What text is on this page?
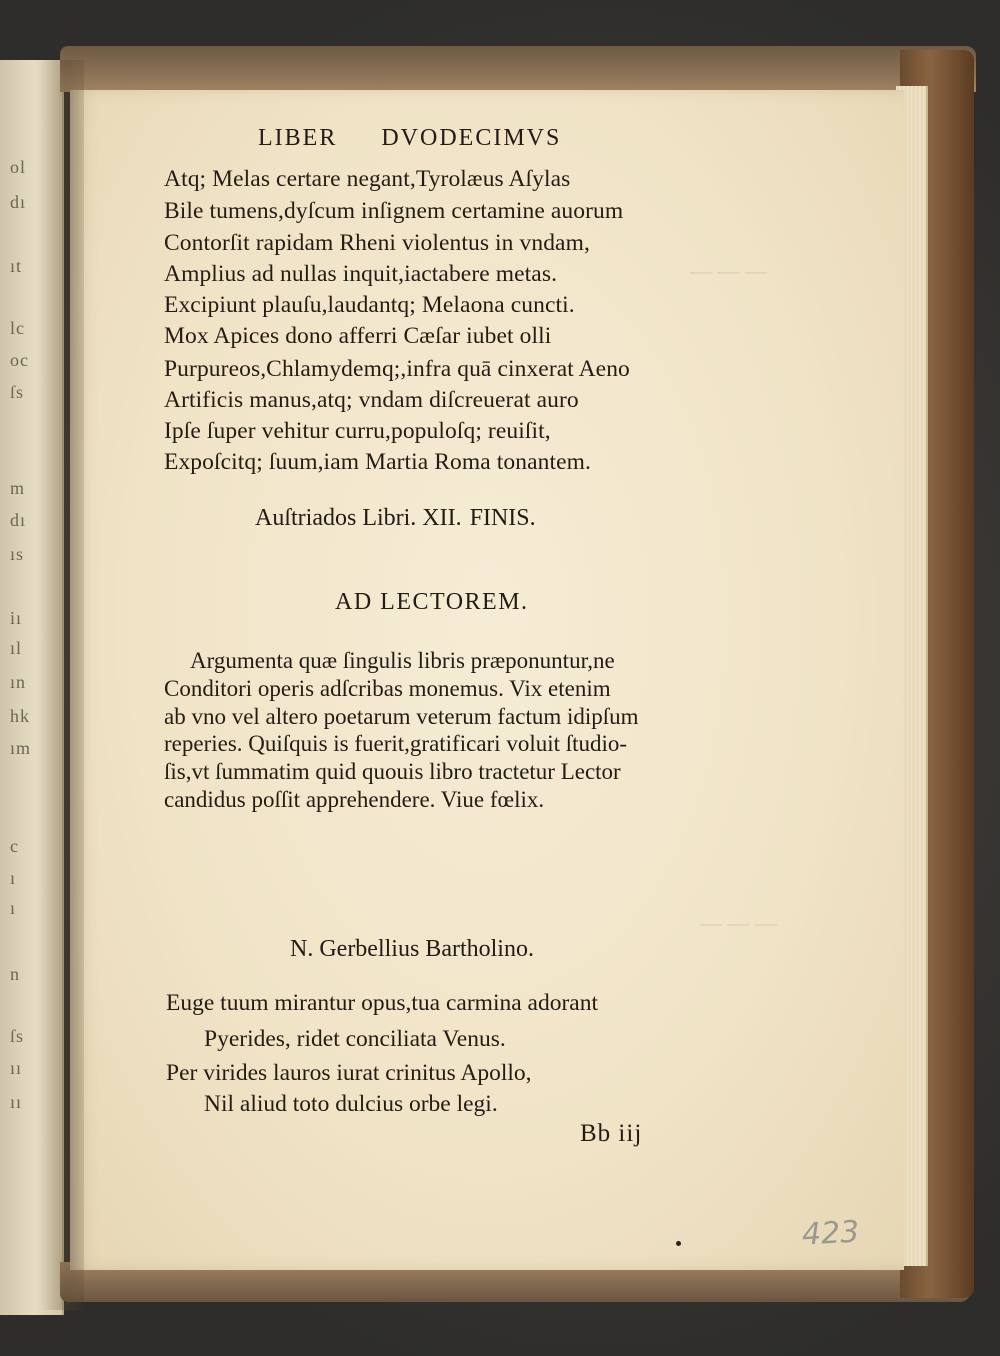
ol
dı
ıt
lc
oc
ſs
m
dı
ıs
iı
ıl
ın
hk
ım
c
ı
ı
n
ſs
ıı
ıı
― ― ―
― ― ―
LIBER DVODECIMVS
Atq; Melas certare negant,Tyrolæus Aſylas
Bile tumens,dyſcum inſignem certamine auorum
Contorſit rapidam Rheni violentus in vndam,
Amplius ad nullas inquit,iactabere metas.
Excipiunt plauſu,laudantq; Melaona cuncti.
Mox Apices dono afferri Cæſar iubet olli
Purpureos,Chlamydemq;,infra quā cinxerat Aeno
Artificis manus,atq; vndam diſcreuerat auro
Ipſe ſuper vehitur curru,populoſq; reuiſit,
Expoſcitq; ſuum,iam Martia Roma tonantem.
Auſtriados Libri. XII. FINIS.
AD LECTOREM.
Argumenta quæ ſingulis libris præponuntur,ne
Conditori operis adſcribas monemus. Vix etenim
ab vno vel altero poetarum veterum factum idipſum
reperies. Quiſquis is fuerit,gratificari voluit ſtudio-
ſis,vt ſummatim quid quouis libro tractetur Lector
candidus poſſit apprehendere. Viue fœlix.
N. Gerbellius Bartholino.
Euge tuum mirantur opus,tua carmina adorant
Pyerides, ridet conciliata Venus.
Per virides lauros iurat crinitus Apollo,
Nil aliud toto dulcius orbe legi.
Bb iij
423
